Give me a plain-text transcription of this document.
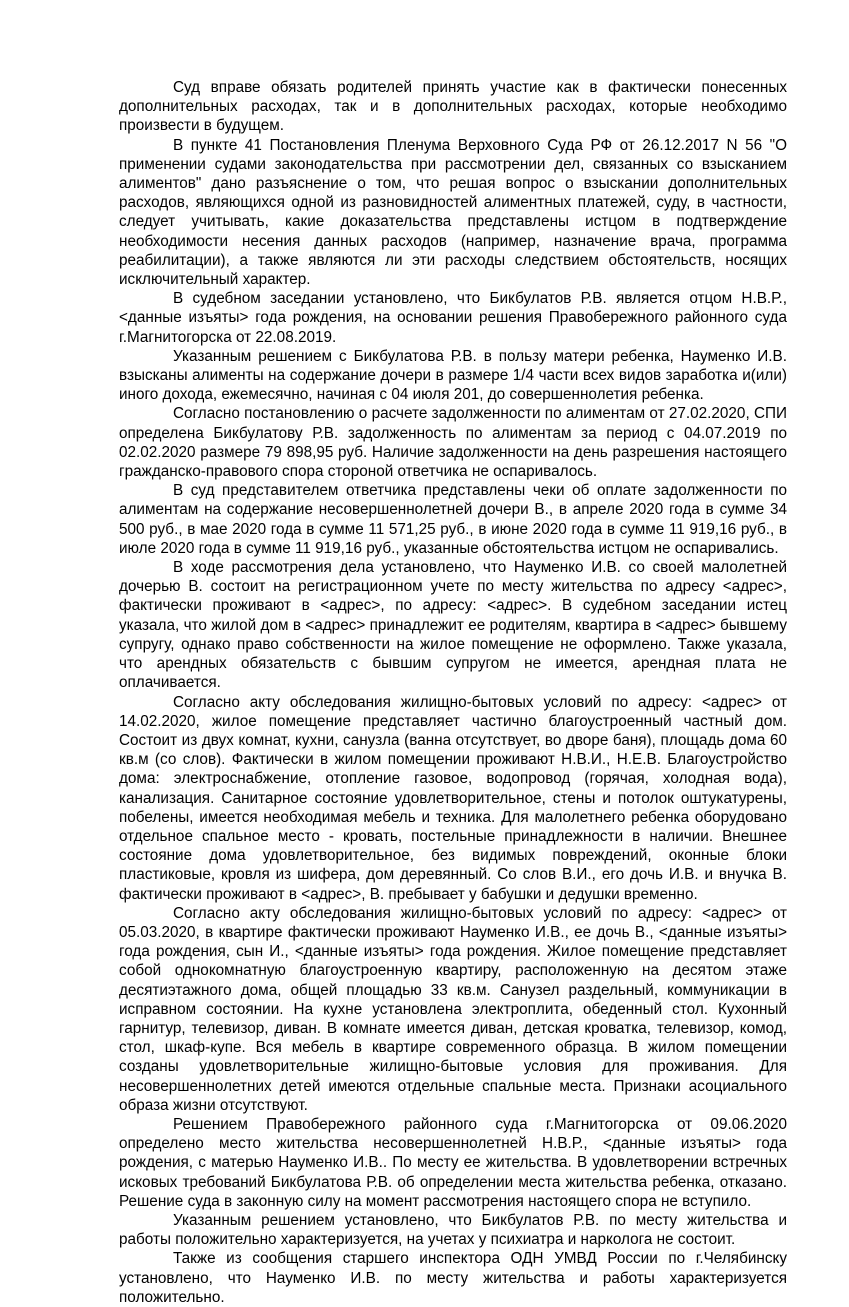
Суд вправе обязать родителей принять участие как в фактически понесенных дополнительных расходах, так и в дополнительных расходах, которые необходимо произвести в будущем.

В пункте 41 Постановления Пленума Верховного Суда РФ от 26.12.2017 N 56 "О применении судами законодательства при рассмотрении дел, связанных со взысканием алиментов" дано разъяснение о том, что решая вопрос о взыскании дополнительных расходов, являющихся одной из разновидностей алиментных платежей, суду, в частности, следует учитывать, какие доказательства представлены истцом в подтверждение необходимости несения данных расходов (например, назначение врача, программа реабилитации), а также являются ли эти расходы следствием обстоятельств, носящих исключительный характер.

В судебном заседании установлено, что Бикбулатов Р.В. является отцом Н.В.Р., <данные изъяты> года рождения, на основании решения Правобережного районного суда г.Магнитогорска от 22.08.2019.

Указанным решением с Бикбулатова Р.В. в пользу матери ребенка, Науменко И.В. взысканы алименты на содержание дочери в размере 1/4 части всех видов заработка и(или) иного дохода, ежемесячно, начиная с 04 июля 201, до совершеннолетия ребенка.

Согласно постановлению о расчете задолженности по алиментам от 27.02.2020, СПИ определена Бикбулатову Р.В. задолженность по алиментам за период с 04.07.2019 по 02.02.2020 размере 79 898,95 руб. Наличие задолженности на день разрешения настоящего гражданско-правового спора стороной ответчика не оспаривалось.

В суд представителем ответчика представлены чеки об оплате задолженности по алиментам на содержание несовершеннолетней дочери В., в апреле 2020 года в сумме 34 500 руб., в мае 2020 года в сумме 11 571,25 руб., в июне 2020 года в сумме 11 919,16 руб., в июле 2020 года в сумме 11 919,16 руб., указанные обстоятельства истцом не оспаривались.

В ходе рассмотрения дела установлено, что Науменко И.В. со своей малолетней дочерью В. состоит на регистрационном учете по месту жительства по адресу <адрес>, фактически проживают в <адрес>, по адресу: <адрес>. В судебном заседании истец указала, что жилой дом в <адрес> принадлежит ее родителям, квартира в <адрес> бывшему супругу, однако право собственности на жилое помещение не оформлено. Также указала, что арендных обязательств с бывшим супругом не имеется, арендная плата не оплачивается.

Согласно акту обследования жилищно-бытовых условий по адресу: <адрес> от 14.02.2020, жилое помещение представляет частично благоустроенный частный дом. Состоит из двух комнат, кухни, санузла (ванна отсутствует, во дворе баня), площадь дома 60 кв.м (со слов). Фактически в жилом помещении проживают Н.В.И., Н.Е.В. Благоустройство дома: электроснабжение, отопление газовое, водопровод (горячая, холодная вода), канализация. Санитарное состояние удовлетворительное, стены и потолок оштукатурены, побелены, имеется необходимая мебель и техника. Для малолетнего ребенка оборудовано отдельное спальное место - кровать, постельные принадлежности в наличии. Внешнее состояние дома удовлетворительное, без видимых повреждений, оконные блоки пластиковые, кровля из шифера, дом деревянный. Со слов В.И., его дочь И.В. и внучка В. фактически проживают в <адрес>, В. пребывает у бабушки и дедушки временно.

Согласно акту обследования жилищно-бытовых условий по адресу: <адрес> от 05.03.2020, в квартире фактически проживают Науменко И.В., ее дочь В., <данные изъяты> года рождения, сын И., <данные изъяты> года рождения. Жилое помещение представляет собой однокомнатную благоустроенную квартиру, расположенную на десятом этаже десятиэтажного дома, общей площадью 33 кв.м. Санузел раздельный, коммуникации в исправном состоянии. На кухне установлена электроплита, обеденный стол. Кухонный гарнитур, телевизор, диван. В комнате имеется диван, детская кроватка, телевизор, комод, стол, шкаф-купе. Вся мебель в квартире современного образца. В жилом помещении созданы удовлетворительные жилищно-бытовые условия для проживания. Для несовершеннолетних детей имеются отдельные спальные места. Признаки асоциального образа жизни отсутствуют.

Решением Правобережного районного суда г.Магнитогорска от 09.06.2020 определено место жительства несовершеннолетней Н.В.Р., <данные изъяты> года рождения, с матерью Науменко И.В.. По месту ее жительства. В удовлетворении встречных исковых требований Бикбулатова Р.В. об определении места жительства ребенка, отказано. Решение суда в законную силу на момент рассмотрения настоящего спора не вступило.

Указанным решением установлено, что Бикбулатов Р.В. по месту жительства и работы положительно характеризуется, на учетах у психиатра и нарколога не состоит.

Также из сообщения старшего инспектора ОДН УМВД России по г.Челябинску установлено, что Науменко И.В. по месту жительства и работы характеризуется положительно.
